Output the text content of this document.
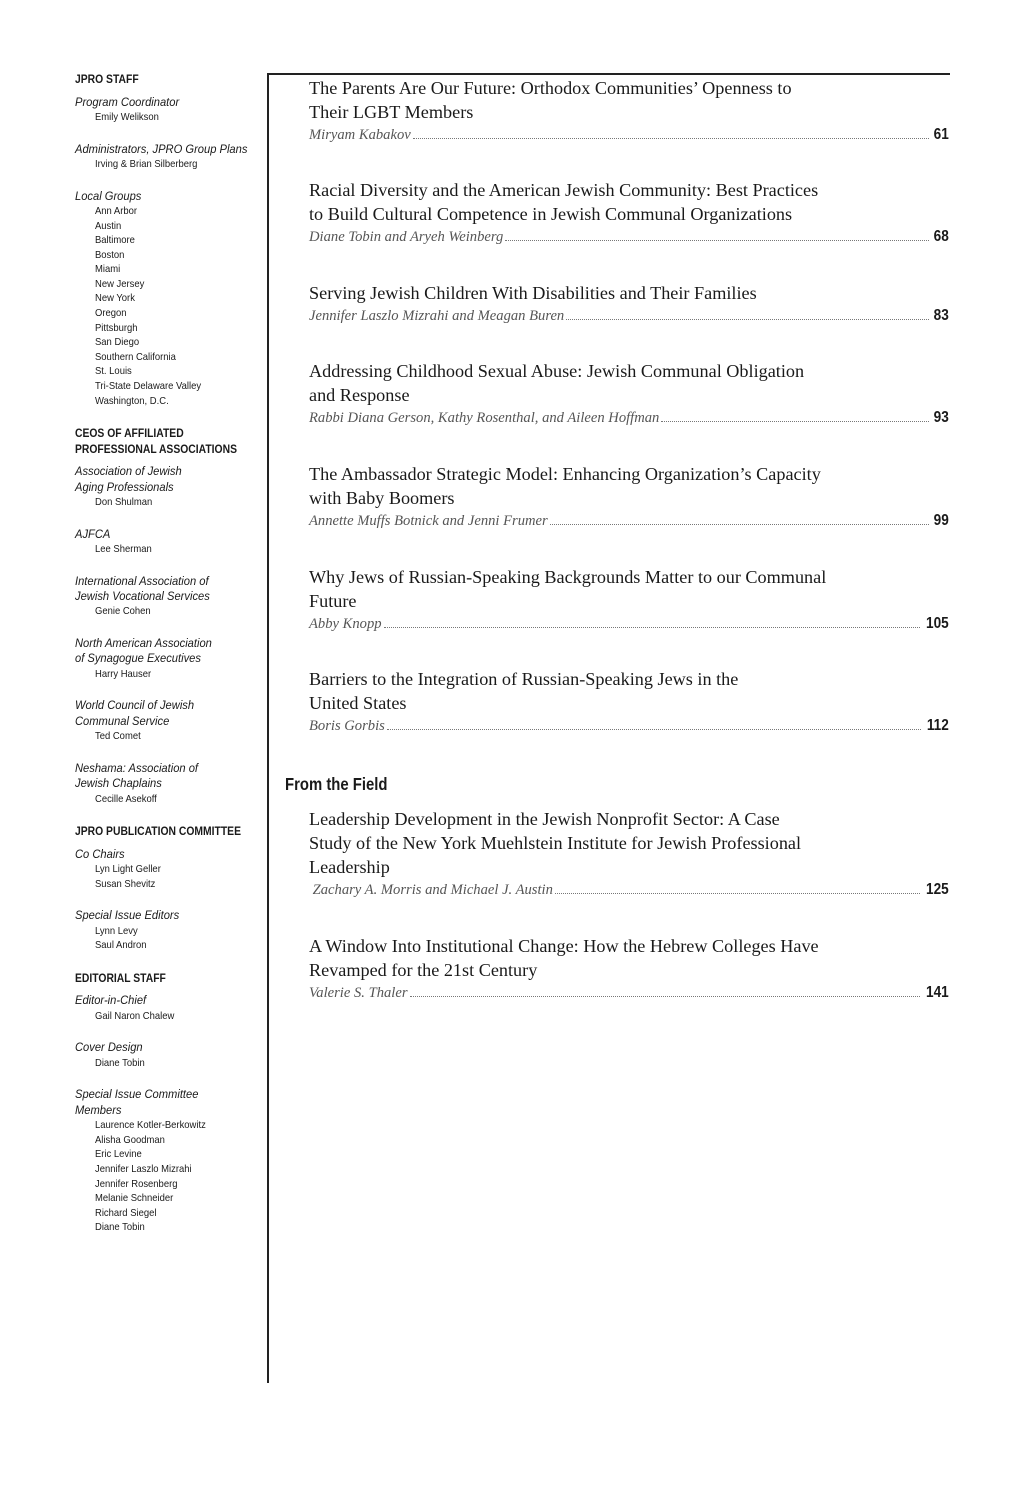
JPRO STAFF
Program Coordinator
Emily Welikson
Administrators, JPRO Group Plans
Irving & Brian Silberberg
Local Groups
Ann Arbor
Austin
Baltimore
Boston
Miami
New Jersey
New York
Oregon
Pittsburgh
San Diego
Southern California
St. Louis
Tri-State Delaware Valley
Washington, D.C.
CEOS OF AFFILIATED
PROFESSIONAL ASSOCIATIONS
Association of Jewish
Aging Professionals
Don Shulman
AJFCA
Lee Sherman
International Association of
Jewish Vocational Services
Genie Cohen
North American Association
of Synagogue Executives
Harry Hauser
World Council of Jewish
Communal Service
Ted Comet
Neshama: Association of
Jewish Chaplains
Cecille Asekoff
JPRO PUBLICATION COMMITTEE
Co Chairs
Lyn Light Geller
Susan Shevitz
Special Issue Editors
Lynn Levy
Saul Andron
EDITORIAL STAFF
Editor-in-Chief
Gail Naron Chalew
Cover Design
Diane Tobin
Special Issue Committee
Members
Laurence Kotler-Berkowitz
Alisha Goodman
Eric Levine
Jennifer Laszlo Mizrahi
Jennifer Rosenberg
Melanie Schneider
Richard Siegel
Diane Tobin
The Parents Are Our Future: Orthodox Communities’ Openness to
Their LGBT Members
Miryam Kabakov	61
Racial Diversity and the American Jewish Community: Best Practices
to Build Cultural Competence in Jewish Communal Organizations
Diane Tobin and Aryeh Weinberg	68
Serving Jewish Children With Disabilities and Their Families
Jennifer Laszlo Mizrahi and Meagan Buren	83
Addressing Childhood Sexual Abuse: Jewish Communal Obligation
and Response
Rabbi Diana Gerson, Kathy Rosenthal, and Aileen Hoffman	93
The Ambassador Strategic Model: Enhancing Organization’s Capacity
with Baby Boomers
Annette Muffs Botnick and Jenni Frumer	99
Why Jews of Russian-Speaking Backgrounds Matter to our Communal
Future
Abby Knopp	105
Barriers to the Integration of Russian-Speaking Jews in the
United States
Boris Gorbis	112
Leadership Development in the Jewish Nonprofit Sector: A Case
Study of the New York Muehlstein Institute for Jewish Professional
Leadership
Zachary A. Morris and Michael J. Austin	125
A Window Into Institutional Change: How the Hebrew Colleges Have
Revamped for the 21st Century
Valerie S. Thaler	141
From the Field
